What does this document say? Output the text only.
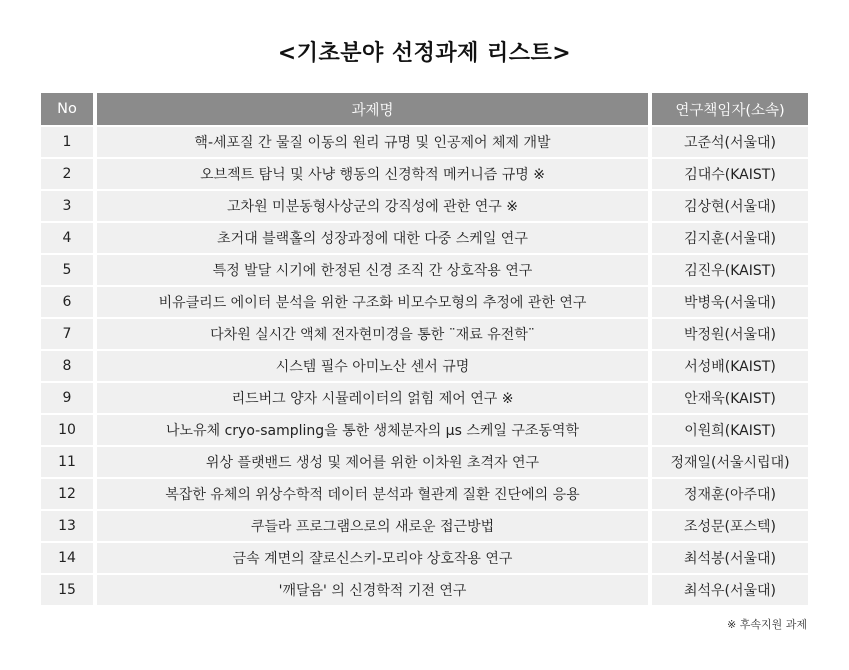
<기초분야 선정과제 리스트>
No		과제명		연구책임자(소속)
1		핵-세포질 간 물질 이동의 원리 규명 및 인공제어 체제 개발		고준석(서울대)
2		오브젝트 탐닉 및 사냥 행동의 신경학적 메커니즘 규명 ※		김대수(KAIST)
3		고차원 미분동형사상군의 강직성에 관한 연구 ※		김상현(서울대)
4		초거대 블랙홀의 성장과정에 대한 다중 스케일 연구		김지훈(서울대)
5		특정 발달 시기에 한정된 신경 조직 간 상호작용 연구		김진우(KAIST)
6		비유클리드 에이터 분석을 위한 구조화 비모수모형의 추정에 관한 연구		박병욱(서울대)
7		다차원 실시간 액체 전자현미경을 통한 ¨재료 유전학¨		박정원(서울대)
8		시스템 필수 아미노산 센서 규명		서성배(KAIST)
9		리드버그 양자 시뮬레이터의 얽힘 제어 연구 ※		안재욱(KAIST)
10		나노유체 cryo-sampling을 통한 생체분자의 μs 스케일 구조동역학		이원희(KAIST)
11		위상 플랫밴드 생성 및 제어를 위한 이차원 초격자 연구		정재일(서울시립대)
12		복잡한 유체의 위상수학적 데이터 분석과 혈관계 질환 진단에의 응용		정재훈(아주대)
13		쿠들라 프로그램으로의 새로운 접근방법		조성문(포스텍)
14		금속 계면의 쟐로신스키-모리야 상호작용 연구		최석봉(서울대)
15		'깨달음' 의 신경학적 기전 연구		최석우(서울대)
※ 후속지원 과제
